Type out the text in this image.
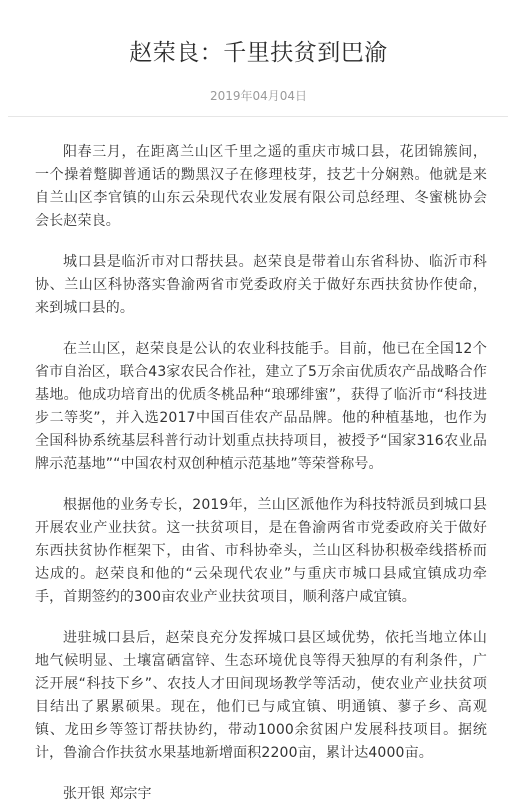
赵荣良：千里扶贫到巴渝
2019年04月04日

阳春三月，在距离兰山区千里之遥的重庆市城口县，花团锦簇间，一个操着蹩脚普通话的黝黑汉子在修理枝芽，技艺十分娴熟。他就是来自兰山区李官镇的山东云朵现代农业发展有限公司总经理、冬蜜桃协会会长赵荣良。

城口县是临沂市对口帮扶县。赵荣良是带着山东省科协、临沂市科协、兰山区科协落实鲁渝两省市党委政府关于做好东西扶贫协作使命，来到城口县的。

在兰山区，赵荣良是公认的农业科技能手。目前，他已在全国12个省市自治区，联合43家农民合作社，建立了5万余亩优质农产品战略合作基地。他成功培育出的优质冬桃品种“琅琊绯蜜”，获得了临沂市“科技进步二等奖”，并入选2017中国百佳农产品品牌。他的种植基地，也作为全国科协系统基层科普行动计划重点扶持项目，被授予“国家316农业品牌示范基地”“中国农村双创种植示范基地”等荣誉称号。

根据他的业务专长，2019年，兰山区派他作为科技特派员到城口县开展农业产业扶贫。这一扶贫项目，是在鲁渝两省市党委政府关于做好东西扶贫协作框架下，由省、市科协牵头，兰山区科协积极牵线搭桥而达成的。赵荣良和他的“云朵现代农业”与重庆市城口县咸宜镇成功牵手，首期签约的300亩农业产业扶贫项目，顺利落户咸宜镇。

进驻城口县后，赵荣良充分发挥城口县区域优势，依托当地立体山地气候明显、土壤富硒富锌、生态环境优良等得天独厚的有利条件，广泛开展“科技下乡”、农技人才田间现场教学等活动，使农业产业扶贫项目结出了累累硕果。现在，他们已与咸宜镇、明通镇、蓼子乡、高观镇、龙田乡等签订帮扶协约，带动1000余贫困户发展科技项目。据统计，鲁渝合作扶贫水果基地新增面积2200亩，累计达4000亩。

张开银 郑宗宇
